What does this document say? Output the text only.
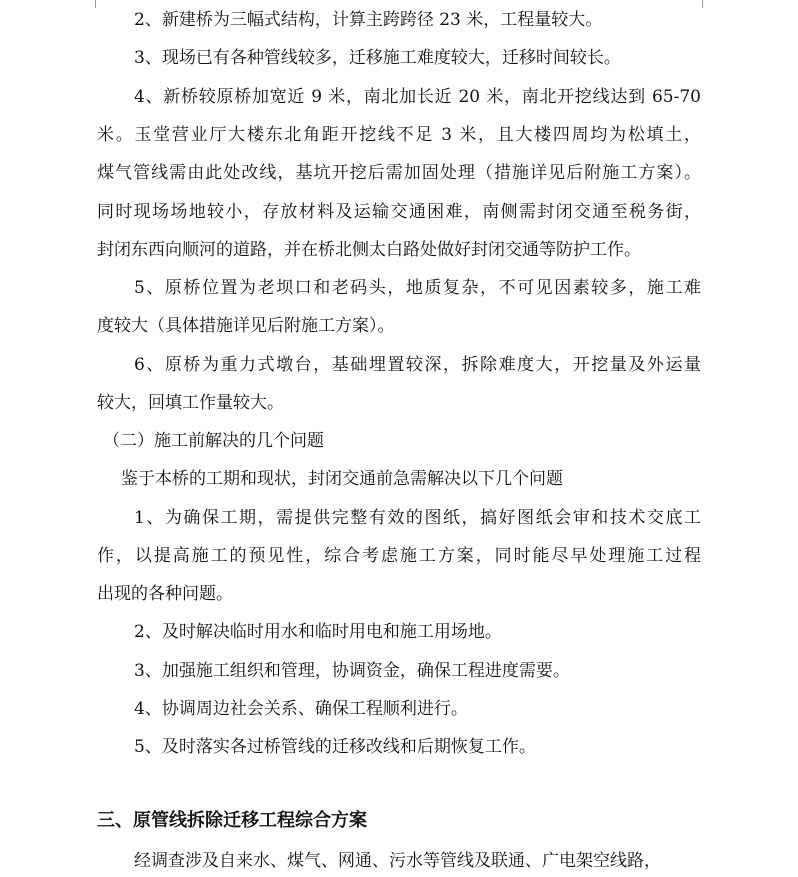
2、新建桥为三幅式结构，计算主跨跨径 23 米，工程量较大。
3、现场已有各种管线较多，迁移施工难度较大，迁移时间较长。
4、新桥较原桥加宽近 9 米，南北加长近 20 米，南北开挖线达到 65-70
米。玉堂营业厅大楼东北角距开挖线不足 3 米，且大楼四周均为松填土，
煤气管线需由此处改线，基坑开挖后需加固处理（措施详见后附施工方案）。
同时现场场地较小，存放材料及运输交通困难，南侧需封闭交通至税务街，
封闭东西向顺河的道路，并在桥北侧太白路处做好封闭交通等防护工作。
5、原桥位置为老坝口和老码头，地质复杂，不可见因素较多，施工难
度较大（具体措施详见后附施工方案）。
6、原桥为重力式墩台，基础埋置较深，拆除难度大，开挖量及外运量
较大，回填工作量较大。
（二）施工前解决的几个问题
鉴于本桥的工期和现状，封闭交通前急需解决以下几个问题
1、为确保工期，需提供完整有效的图纸，搞好图纸会审和技术交底工
作，以提高施工的预见性，综合考虑施工方案，同时能尽早处理施工过程
出现的各种问题。
2、及时解决临时用水和临时用电和施工用场地。
3、加强施工组织和管理，协调资金，确保工程进度需要。
4、协调周边社会关系、确保工程顺利进行。
5、及时落实各过桥管线的迁移改线和后期恢复工作。
三、原管线拆除迁移工程综合方案
经调查涉及自来水、煤气、网通、污水等管线及联通、广电架空线路，
